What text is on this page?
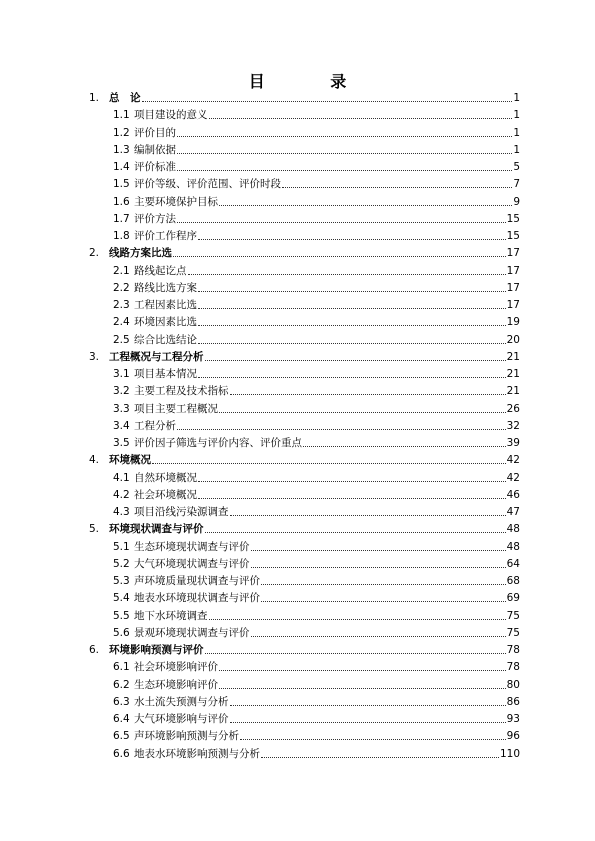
目 录
1. 总　论	1
1.1 项目建设的意义	1
1.2 评价目的	1
1.3 编制依据	1
1.4 评价标准	5
1.5 评价等级、评价范围、评价时段	7
1.6 主要环境保护目标	9
1.7 评价方法	15
1.8 评价工作程序	15
2. 线路方案比选	17
2.1 路线起讫点	17
2.2 路线比选方案	17
2.3 工程因素比选	17
2.4 环境因素比选	19
2.5 综合比选结论	20
3. 工程概况与工程分析	21
3.1 项目基本情况	21
3.2 主要工程及技术指标	21
3.3 项目主要工程概况	26
3.4 工程分析	32
3.5 评价因子筛选与评价内容、评价重点	39
4. 环境概况	42
4.1 自然环境概况	42
4.2 社会环境概况	46
4.3 项目沿线污染源调查	47
5. 环境现状调查与评价	48
5.1 生态环境现状调查与评价	48
5.2 大气环境现状调查与评价	64
5.3 声环境质量现状调查与评价	68
5.4 地表水环境现状调查与评价	69
5.5 地下水环境调查	75
5.6 景观环境现状调查与评价	75
6. 环境影响预测与评价	78
6.1 社会环境影响评价	78
6.2 生态环境影响评价	80
6.3 水土流失预测与分析	86
6.4 大气环境影响与评价	93
6.5 声环境影响预测与分析	96
6.6 地表水环境影响预测与分析	110
